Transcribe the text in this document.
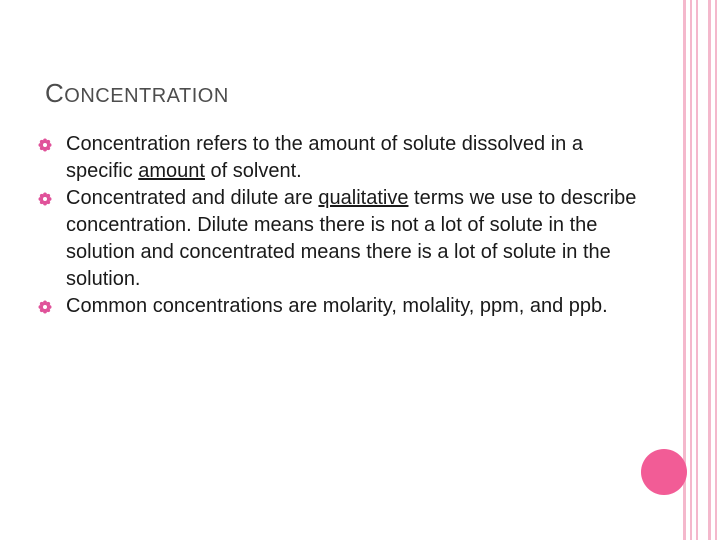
CONCENTRATION
Concentration refers to the amount of solute dissolved in a specific amount of solvent.
Concentrated and dilute are qualitative terms we use to describe concentration. Dilute means there is not a lot of solute in the solution and concentrated means there is a lot of solute in the solution.
Common concentrations are molarity, molality, ppm, and ppb.
